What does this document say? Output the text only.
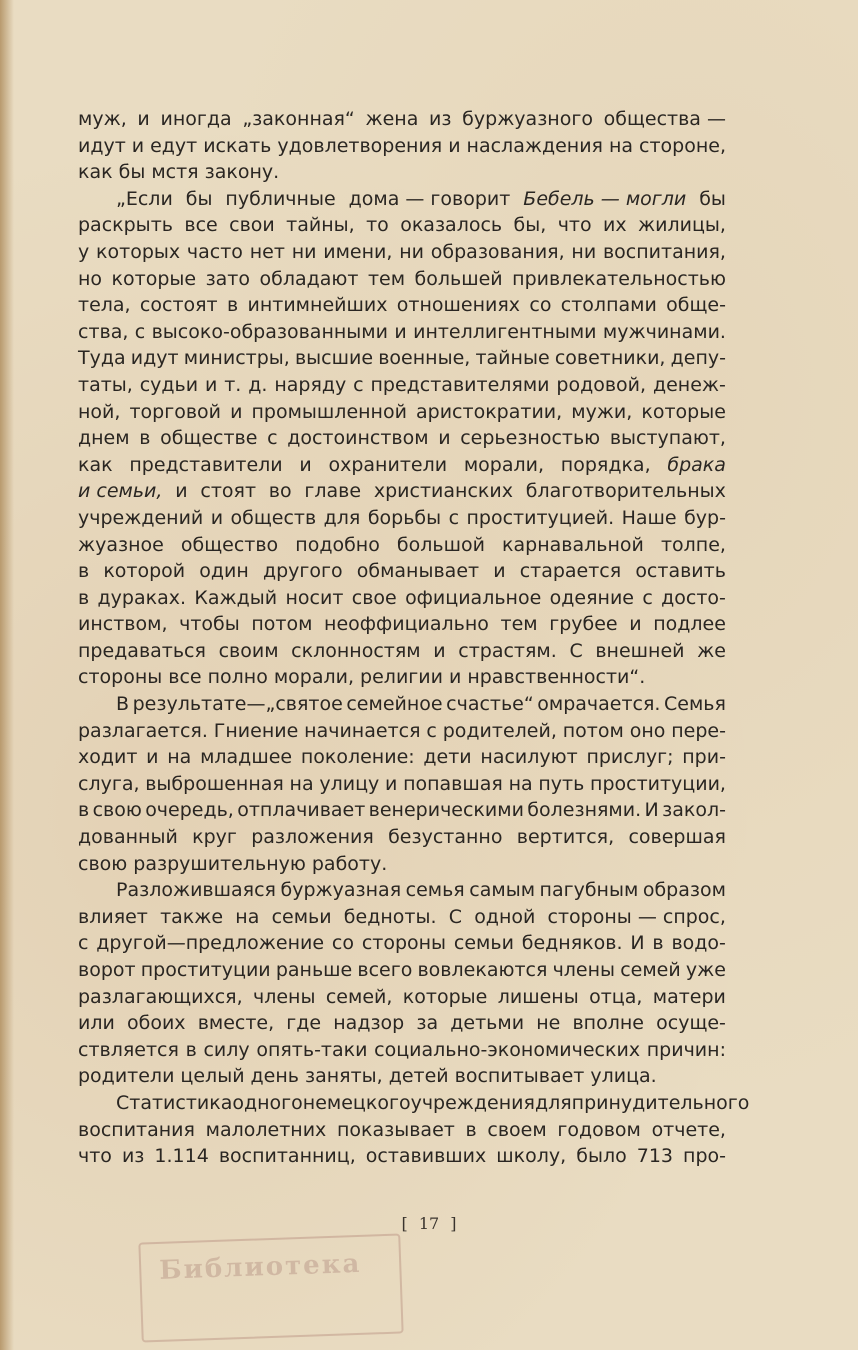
муж, и иногда „законная“ жена из буржуазного общества —
идут и едут искать удовлетворения и наслаждения на стороне,
как бы мстя закону.
„Если бы публичные дома — говорит Бебель — могли бы
раскрыть все свои тайны, то оказалось бы, что их жилицы,
у которых часто нет ни имени, ни образования, ни воспитания,
но которые зато обладают тем большей привлекательностью
тела, состоят в интимнейших отношениях со столпами обще-
ства, с высоко-образованными и интеллигентными мужчинами.
Туда идут министры, высшие военные, тайные советники, депу-
таты, судьи и т. д. наряду с представителями родовой, денеж-
ной, торговой и промышленной аристократии, мужи, которые
днем в обществе с достоинством и серьезностью выступают,
как представители и охранители морали, порядка, брака
и семьи, и стоят во главе христианских благотворительных
учреждений и обществ для борьбы с проституцией. Наше бур-
жуазное общество подобно большой карнавальной толпе,
в которой один другого обманывает и старается оставить
в дураках. Каждый носит свое официальное одеяние с досто-
инством, чтобы потом неоффициально тем грубее и подлее
предаваться своим склонностям и страстям. С внешней же
стороны все полно морали, религии и нравственности“.
В результате—„святое семейное счастье“ омрачается. Семья
разлагается. Гниение начинается с родителей, потом оно пере-
ходит и на младшее поколение: дети насилуют прислуг; при-
слуга, выброшенная на улицу и попавшая на путь проституции,
в свою очередь, отплачивает венерическими болезнями. И закол-
дованный круг разложения безустанно вертится, совершая
свою разрушительную работу.
Разложившаяся буржуазная семья самым пагубным образом
влияет также на семьи бедноты. С одной стороны — спрос,
с другой—предложение со стороны семьи бедняков. И в водо-
ворот проституции раньше всего вовлекаются члены семей уже
разлагающихся, члены семей, которые лишены отца, матери
или обоих вместе, где надзор за детьми не вполне осуще-
ствляется в силу опять-таки социально-экономических причин:
родители целый день заняты, детей воспитывает улица.
Статистика одного немецкого учреждения для принудительного
воспитания малолетних показывает в своем годовом отчете,
что из 1.114 воспитанниц, оставивших школу, было 713 про-
[ 17 ]
Библиотека
